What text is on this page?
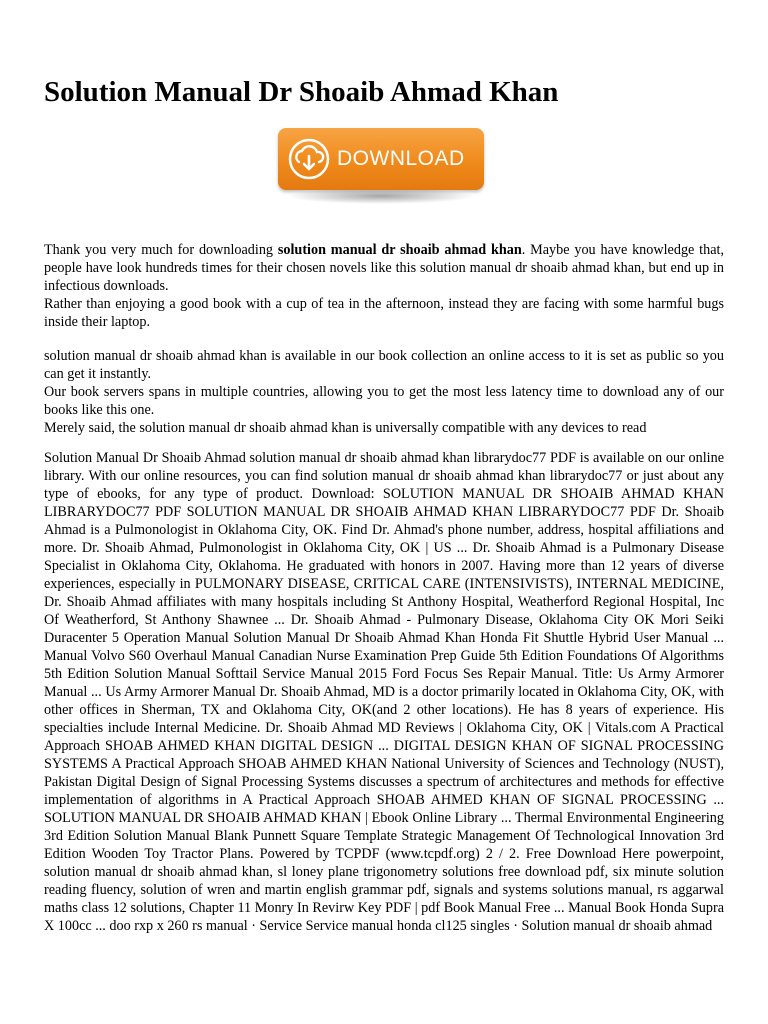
Solution Manual Dr Shoaib Ahmad Khan
DOWNLOAD

Thank you very much for downloading solution manual dr shoaib ahmad khan. Maybe you have knowledge that, people have look hundreds times for their chosen novels like this solution manual dr shoaib ahmad khan, but end up in infectious downloads.

Rather than enjoying a good book with a cup of tea in the afternoon, instead they are facing with some harmful bugs inside their laptop.

solution manual dr shoaib ahmad khan is available in our book collection an online access to it is set as public so you can get it instantly.

Our book servers spans in multiple countries, allowing you to get the most less latency time to download any of our books like this one.

Merely said, the solution manual dr shoaib ahmad khan is universally compatible with any devices to read

Solution Manual Dr Shoaib Ahmad solution manual dr shoaib ahmad khan librarydoc77 PDF is available on our online library. With our online resources, you can find solution manual dr shoaib ahmad khan librarydoc77 or just about any type of ebooks, for any type of product. Download: SOLUTION MANUAL DR SHOAIB AHMAD KHAN LIBRARYDOC77 PDF SOLUTION MANUAL DR SHOAIB AHMAD KHAN LIBRARYDOC77 PDF Dr. Shoaib Ahmad is a Pulmonologist in Oklahoma City, OK. Find Dr. Ahmad's phone number, address, hospital affiliations and more. Dr. Shoaib Ahmad, Pulmonologist in Oklahoma City, OK | US ... Dr. Shoaib Ahmad is a Pulmonary Disease Specialist in Oklahoma City, Oklahoma. He graduated with honors in 2007. Having more than 12 years of diverse experiences, especially in PULMONARY DISEASE, CRITICAL CARE (INTENSIVISTS), INTERNAL MEDICINE, Dr. Shoaib Ahmad affiliates with many hospitals including St Anthony Hospital, Weatherford Regional Hospital, Inc Of Weatherford, St Anthony Shawnee ... Dr. Shoaib Ahmad - Pulmonary Disease, Oklahoma City OK Mori Seiki Duracenter 5 Operation Manual Solution Manual Dr Shoaib Ahmad Khan Honda Fit Shuttle Hybrid User Manual ... Manual Volvo S60 Overhaul Manual Canadian Nurse Examination Prep Guide 5th Edition Foundations Of Algorithms 5th Edition Solution Manual Softtail Service Manual 2015 Ford Focus Ses Repair Manual. Title: Us Army Armorer Manual ... Us Army Armorer Manual Dr. Shoaib Ahmad, MD is a doctor primarily located in Oklahoma City, OK, with other offices in Sherman, TX and Oklahoma City, OK(and 2 other locations). He has 8 years of experience. His specialties include Internal Medicine. Dr. Shoaib Ahmad MD Reviews | Oklahoma City, OK | Vitals.com A Practical Approach SHOAB AHMED KHAN DIGITAL DESIGN ... DIGITAL DESIGN KHAN OF SIGNAL PROCESSING SYSTEMS A Practical Approach SHOAB AHMED KHAN National University of Sciences and Technology (NUST), Pakistan Digital Design of Signal Processing Systems discusses a spectrum of architectures and methods for effective implementation of algorithms in A Practical Approach SHOAB AHMED KHAN OF SIGNAL PROCESSING ... SOLUTION MANUAL DR SHOAIB AHMAD KHAN | Ebook Online Library ... Thermal Environmental Engineering 3rd Edition Solution Manual Blank Punnett Square Template Strategic Management Of Technological Innovation 3rd Edition Wooden Toy Tractor Plans. Powered by TCPDF (www.tcpdf.org) 2 / 2. Free Download Here powerpoint, solution manual dr shoaib ahmad khan, sl loney plane trigonometry solutions free download pdf, six minute solution reading fluency, solution of wren and martin english grammar pdf, signals and systems solutions manual, rs aggarwal maths class 12 solutions, Chapter 11 Monry In Revirw Key PDF | pdf Book Manual Free ... Manual Book Honda Supra X 100cc ... doo rxp x 260 rs manual · Service Service manual honda cl125 singles · Solution manual dr shoaib ahmad
